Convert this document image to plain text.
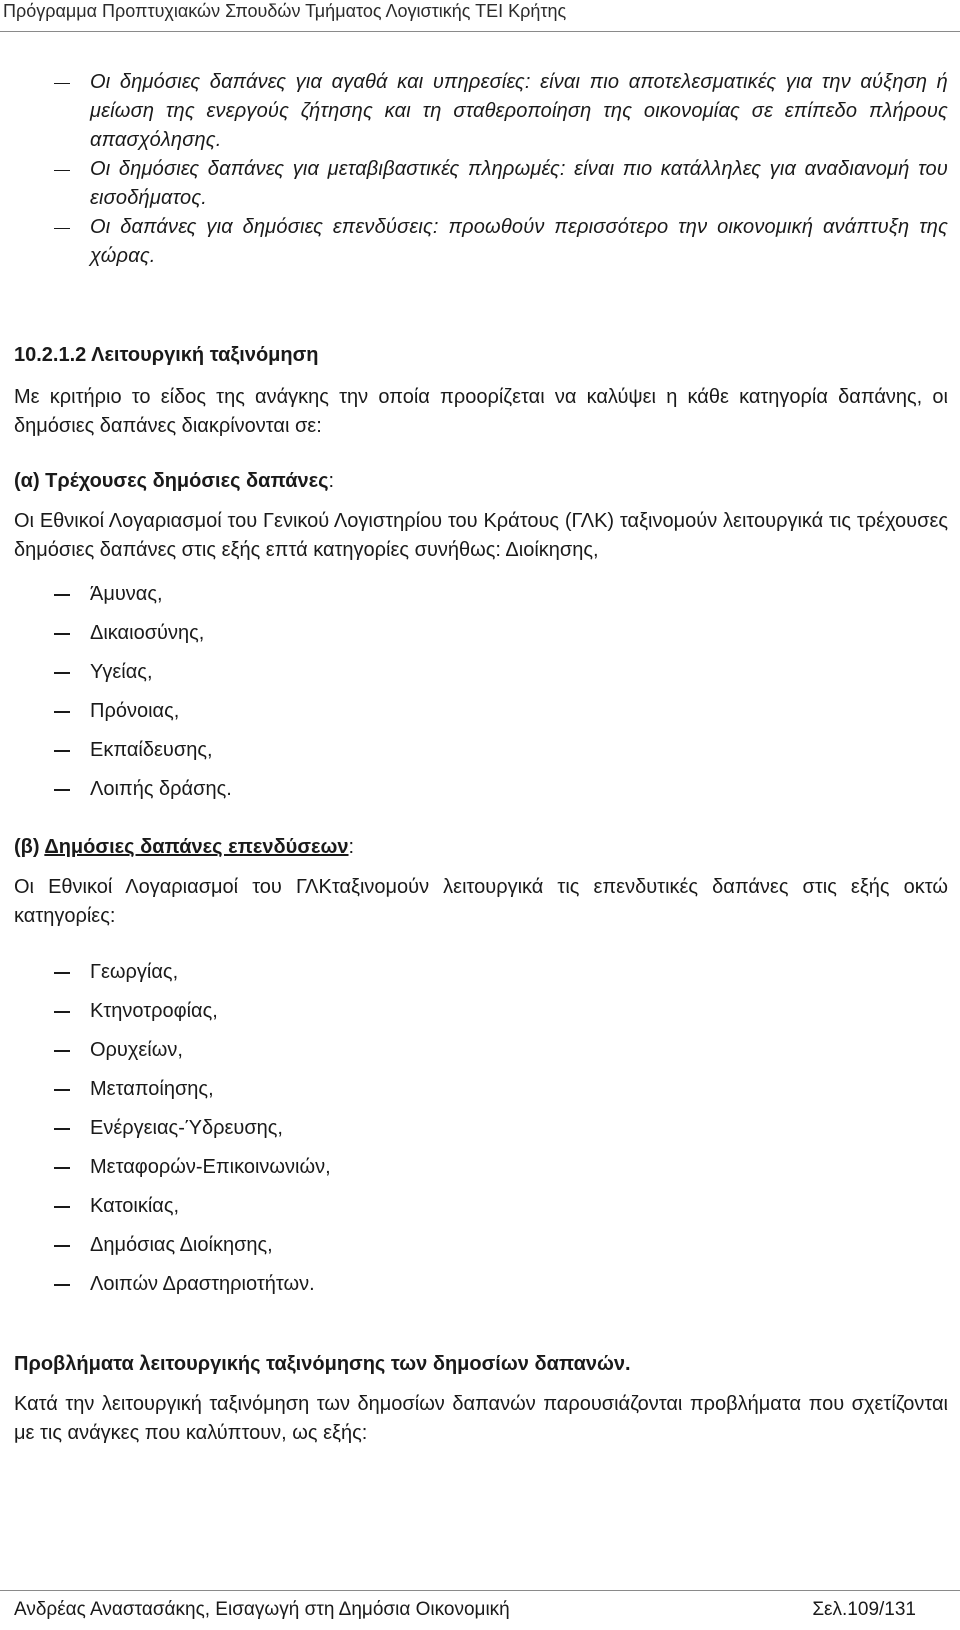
Πρόγραμμα Προπτυχιακών Σπουδών Τμήματος Λογιστικής ΤΕΙ Κρήτης
Οι δημόσιες δαπάνες για αγαθά και υπηρεσίες: είναι πιο αποτελεσματικές για την αύξηση ή μείωση της ενεργούς ζήτησης και τη σταθεροποίηση της οικονομίας σε επίπεδο πλήρους απασχόλησης.
Οι δημόσιες δαπάνες για μεταβιβαστικές πληρωμές: είναι πιο κατάλληλες για αναδιανομή του εισοδήματος.
Οι δαπάνες για δημόσιες επενδύσεις: προωθούν περισσότερο την οικονομική ανάπτυξη της χώρας.
10.2.1.2 Λειτουργική ταξινόμηση

Με κριτήριο το είδος της ανάγκης την οποία προορίζεται να καλύψει η κάθε κατηγορία δαπάνης, οι δημόσιες δαπάνες διακρίνονται σε:

(α) Τρέχουσες δημόσιες δαπάνες:

Οι Εθνικοί Λογαριασμοί του Γενικού Λογιστηρίου του Κράτους (ΓΛΚ) ταξινομούν λειτουργικά τις τρέχουσες δημόσιες δαπάνες στις εξής επτά κατηγορίες συνήθως: Διοίκησης,

Άμυνας,
Δικαιοσύνης,
Υγείας,
Πρόνοιας,
Εκπαίδευσης,
Λοιπής δράσης.

(β) Δημόσιες δαπάνες επενδύσεων:

Οι Εθνικοί Λογαριασμοί του ΓΛΚταξινομούν λειτουργικά τις επενδυτικές δαπάνες στις εξής οκτώ κατηγορίες:

Γεωργίας,
Κτηνοτροφίας,
Ορυχείων,
Μεταποίησης,
Ενέργειας-Ύδρευσης,
Μεταφορών-Επικοινωνιών,
Κατοικίας,
Δημόσιας Διοίκησης,
Λοιπών Δραστηριοτήτων.
Προβλήματα λειτουργικής ταξινόμησης των δημοσίων δαπανών.

Κατά την λειτουργική ταξινόμηση των δημοσίων δαπανών παρουσιάζονται προβλήματα που σχετίζονται με τις ανάγκες που καλύπτουν, ως εξής:

Ανδρέας Αναστασάκης, Εισαγωγή στη Δημόσια Οικονομική	Σελ.109/131
